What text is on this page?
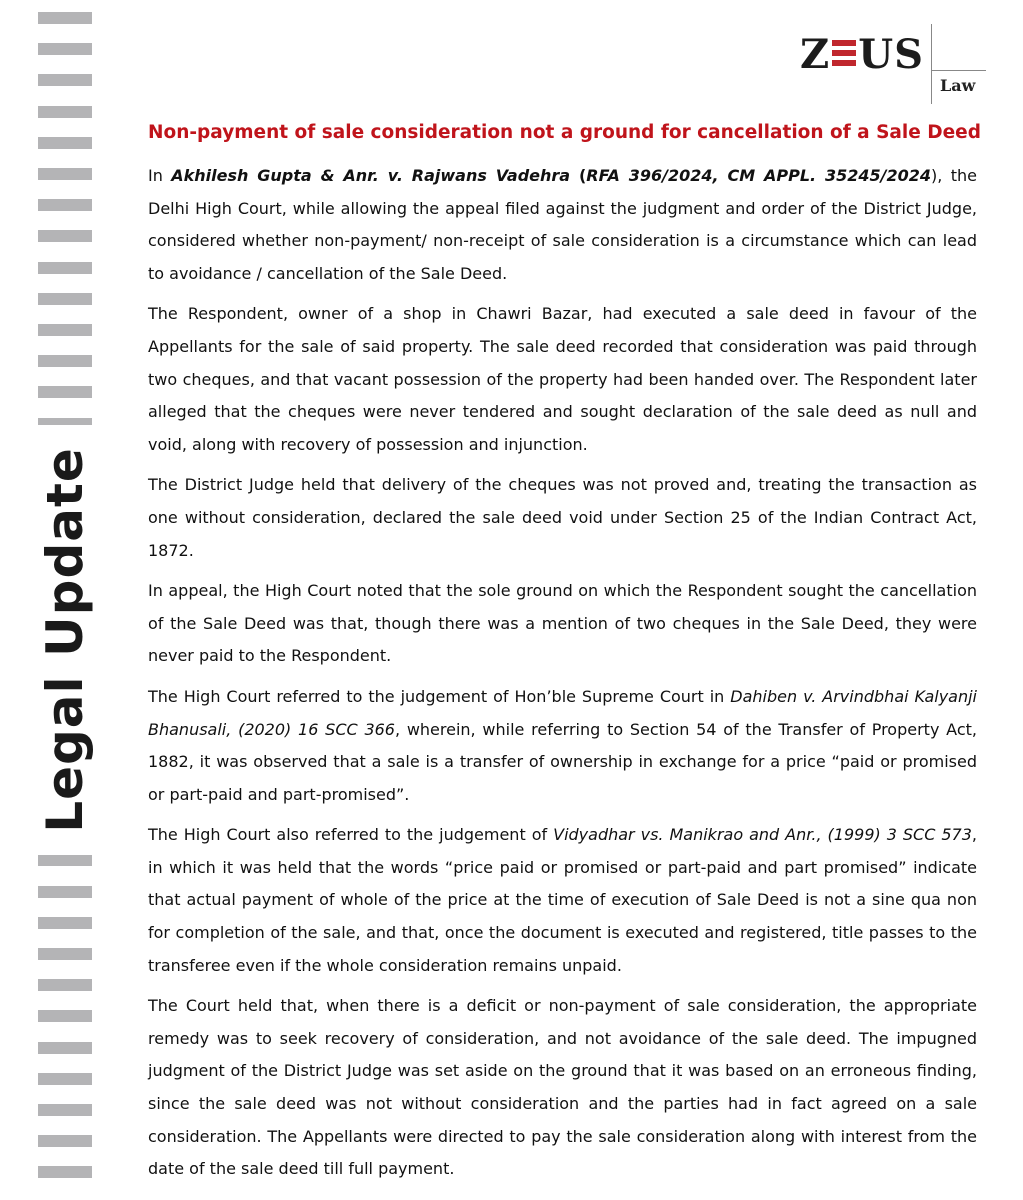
Legal Update
Z US
Law
Non-payment of sale consideration not a ground for cancellation of a Sale Deed

In Akhilesh Gupta & Anr. v. Rajwans Vadehra (RFA 396/2024, CM APPL. 35245/2024), the Delhi High Court, while allowing the appeal filed against the judgment and order of the District Judge, considered whether non-payment/ non-receipt of sale consideration is a circumstance which can lead to avoidance / cancellation of the Sale Deed.

The Respondent, owner of a shop in Chawri Bazar, had executed a sale deed in favour of the Appellants for the sale of said property. The sale deed recorded that consideration was paid through two cheques, and that vacant possession of the property had been handed over. The Respondent later alleged that the cheques were never tendered and sought declaration of the sale deed as null and void, along with recovery of possession and injunction.

The District Judge held that delivery of the cheques was not proved and, treating the transaction as one without consideration, declared the sale deed void under Section 25 of the Indian Contract Act, 1872.

In appeal, the High Court noted that the sole ground on which the Respondent sought the cancellation of the Sale Deed was that, though there was a mention of two cheques in the Sale Deed, they were never paid to the Respondent.

The High Court referred to the judgement of Hon’ble Supreme Court in Dahiben v. Arvindbhai Kalyanji Bhanusali, (2020) 16 SCC 366, wherein, while referring to Section 54 of the Transfer of Property Act, 1882, it was observed that a sale is a transfer of ownership in exchange for a price “paid or promised or part-paid and part-promised”.

The High Court also referred to the judgement of Vidyadhar vs. Manikrao and Anr., (1999) 3 SCC 573, in which it was held that the words “price paid or promised or part-paid and part promised” indicate that actual payment of whole of the price at the time of execution of Sale Deed is not a sine qua non for completion of the sale, and that, once the document is executed and registered, title passes to the transferee even if the whole consideration remains unpaid.

The Court held that, when there is a deficit or non-payment of sale consideration, the appropriate remedy was to seek recovery of consideration, and not avoidance of the sale deed. The impugned judgment of the District Judge was set aside on the ground that it was based on an erroneous finding, since the sale deed was not without consideration and the parties had in fact agreed on a sale consideration. The Appellants were directed to pay the sale consideration along with interest from the date of the sale deed till full payment.
